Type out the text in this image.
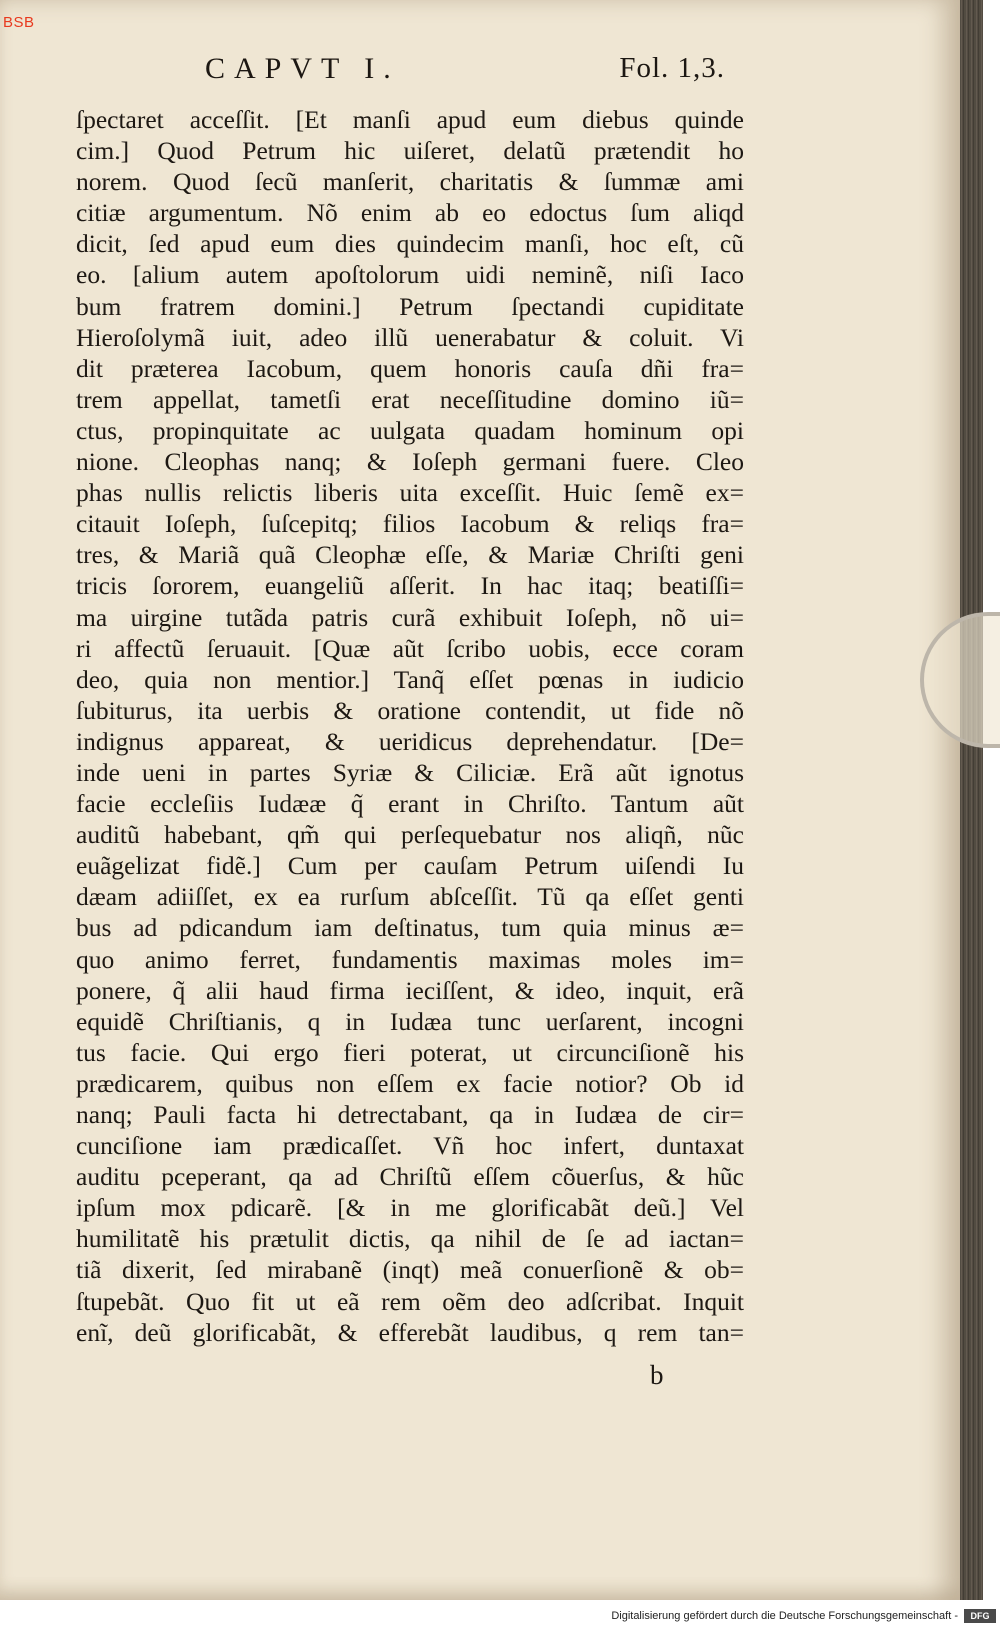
BSB
CAPVT I.	Fol. 1,3.
ſpectaret acceſſit. [Et manſi apud eum diebus quinde
cim.] Quod Petrum hic uiſeret, delatũ prætendit ho
norem. Quod ſecũ manſerit, charitatis & ſummæ ami
citiæ argumentum. Nõ enim ab eo edoctus ſum aliqd
dicit, ſed apud eum dies quindecim manſi, hoc eſt, cũ
eo. [alium autem apoſtolorum uidi neminẽ, niſi Iaco
bum fratrem domini.] Petrum ſpectandi cupiditate
Hieroſolymã iuit, adeo illũ uenerabatur & coluit. Vi
dit præterea Iacobum, quem honoris cauſa dñi fra=
trem appellat, tametſi erat neceſſitudine domino iũ=
ctus, propinquitate ac uulgata quadam hominum opi
nione. Cleophas nanq; & Ioſeph germani fuere. Cleo
phas nullis relictis liberis uita exceſſit. Huic ſemẽ ex=
citauit Ioſeph, ſuſcepitq; filios Iacobum & reliqs fra=
tres, & Mariã quã Cleophæ eſſe, & Mariæ Chriſti geni
tricis ſororem, euangeliũ aſſerit. In hac itaq; beatiſſi=
ma uirgine tutãda patris curã exhibuit Ioſeph, nõ ui=
ri affectũ ſeruauit. [Quæ aũt ſcribo uobis, ecce coram
deo, quia non mentior.] Tanq̃ eſſet pœnas in iudicio
ſubiturus, ita uerbis & oratione contendit, ut fide nõ
indignus appareat, & ueridicus deprehendatur. [De=
inde ueni in partes Syriæ & Ciliciæ. Erã aũt ignotus
facie eccleſiis Iudææ q̃ erant in Chriſto. Tantum aũt
auditũ habebant, qm̃ qui perſequebatur nos aliqñ, nũc
euãgelizat fidẽ.] Cum per cauſam Petrum uiſendi Iu
dæam adiiſſet, ex ea rurſum abſceſſit. Tũ qa eſſet genti
bus ad pdicandum iam deſtinatus, tum quia minus æ=
quo animo ferret, fundamentis maximas moles im=
ponere, q̃ alii haud firma ieciſſent, & ideo, inquit, erã
equidẽ Chriſtianis, q in Iudæa tunc uerſarent, incogni
tus facie. Qui ergo fieri poterat, ut circunciſionẽ his
prædicarem, quibus non eſſem ex facie notior? Ob id
nanq; Pauli facta hi detrectabant, qa in Iudæa de cir=
cunciſione iam prædicaſſet. Vñ hoc infert, duntaxat
auditu pceperant, qa ad Chriſtũ eſſem cõuerſus, & hũc
ipſum mox pdicarẽ. [& in me glorificabãt deũ.] Vel
humilitatẽ his prætulit dictis, qa nihil de ſe ad iactan=
tiã dixerit, ſed mirabanẽ (inqt) meã conuerſionẽ & ob=
ſtupebãt. Quo fit ut eã rem oẽm deo adſcribat. Inquit
enĩ, deũ glorificabãt, & efferebãt laudibus, q rem tan=
b
Digitalisierung gefördert durch die Deutsche Forschungsgemeinschaft -	DFG
